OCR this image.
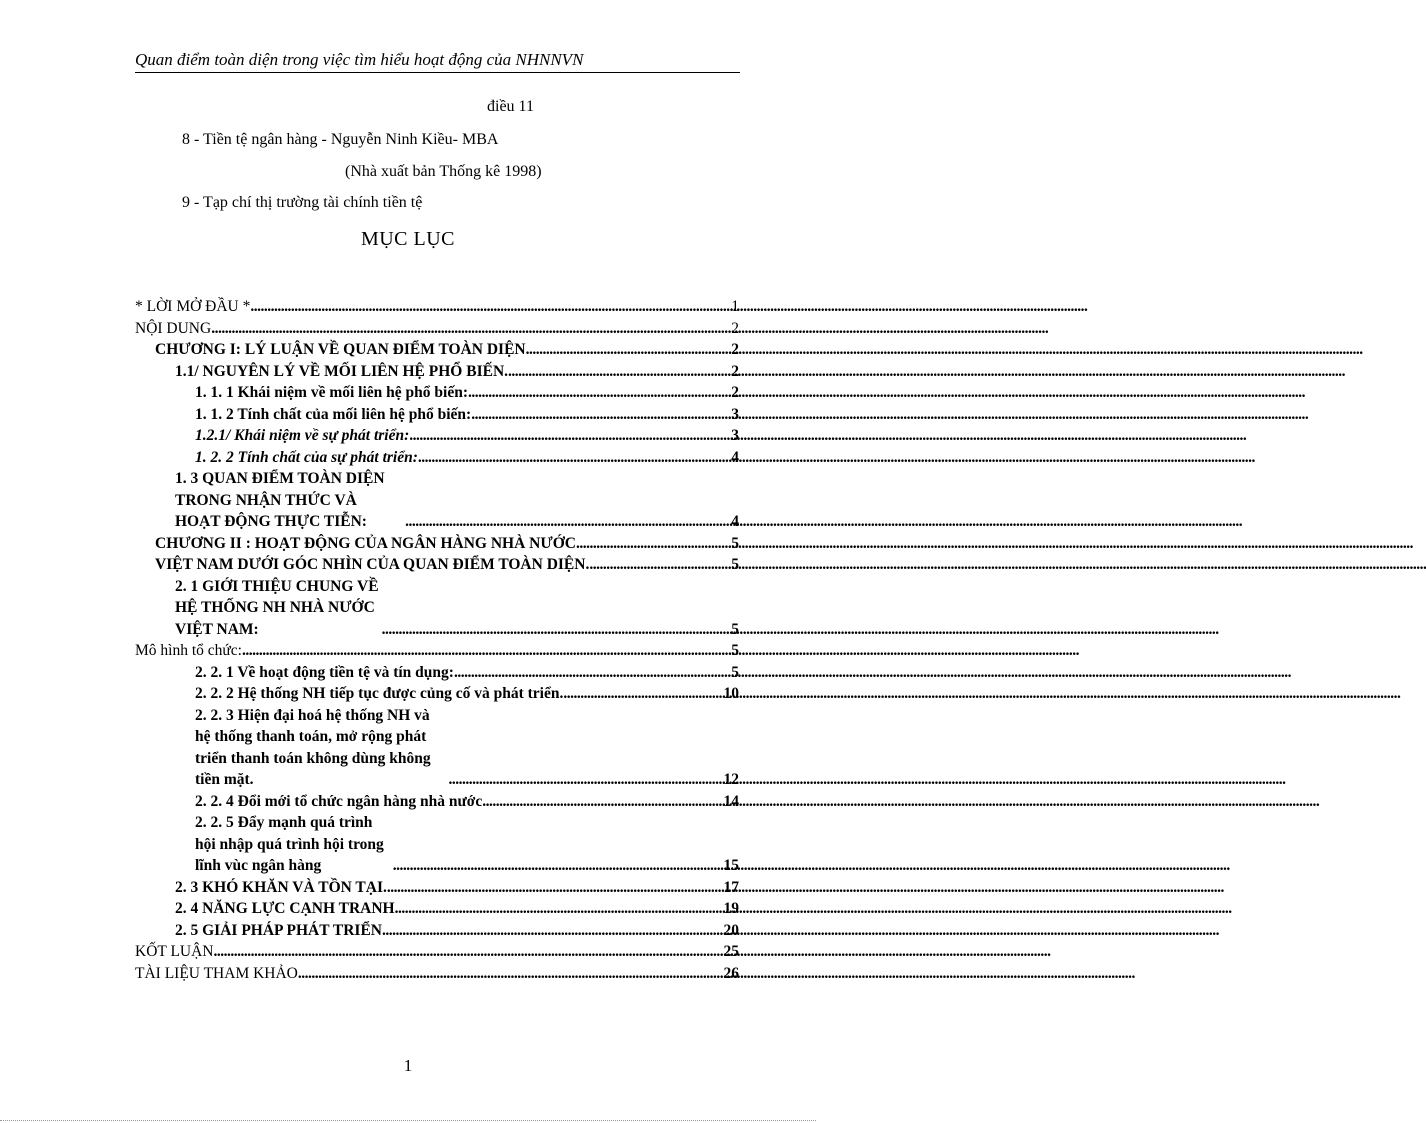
Quan điểm toàn diện trong việc tìm hiểu hoạt động của NHNNVN
điều 11
8 - Tiền tệ ngân hàng - Nguyễn Ninh Kiều- MBA
(Nhà xuất bản Thống kê 1998)
9 - Tạp chí thị trường tài chính tiền tệ
MỤC LỤC
* LỜI MỞ ĐẦU * .....	1
NỘI DUNG .....	2
CHƯƠNG I: LÝ LUẬN VỀ QUAN ĐIỂM TOÀN DIỆN .....	2
1.1/ NGUYÊN LÝ VỀ MỐI LIÊN HỆ PHỔ BIẾN. .....	2
1. 1. 1 Khái niệm về mối liên hệ phổ biến: .....	2
1. 1. 2 Tính chất của mối liên hệ phổ biến: .....	3
1.2.1/ Khái niệm về sự phát triển: .....	3
1. 2. 2 Tính chất của sự phát triển: .....	4
1. 3 QUAN ĐIỂM TOÀN DIỆN TRONG NHẬN THỨC VÀ HOẠT ĐỘNG THỰC TIỄN: .....	4
CHƯƠNG II : HOẠT ĐỘNG CỦA NGÂN HÀNG NHÀ NƯỚC .....	5
VIỆT NAM DƯỚI GÓC NHÌN CỦA QUAN ĐIỂM TOÀN DIỆN. .....	5
2. 1 GIỚI THIỆU CHUNG VỀ HỆ THỐNG NH NHÀ NƯỚC VIỆT NAM: .....	5
Mô hình tổ chức: .....	5
2. 2. 1 Về hoạt động tiền tệ và tín dụng: .....	5
2. 2. 2 Hệ thống NH tiếp tục được củng cố và phát triển. .....	10
2. 2. 3 Hiện đại hoá hệ thống NH và hệ thống thanh toán, mở rộng phát triển thanh toán không dùng không tiền mặt. .....	12
2. 2. 4 Đổi mới tổ chức ngân hàng nhà nước .....	14
2. 2. 5 Đẩy mạnh quá trình hội nhập quá trình hội trong lĩnh vùc ngân hàng .....	15
2. 3 KHÓ KHĂN VÀ TỒN TẠI. .....	17
2. 4 NĂNG LỰC CẠNH TRANH .....	19
2. 5 GIẢI PHÁP PHÁT TRIỂN .....	20
KỐT LUẬN .....	25
TÀI LIỆU THAM KHẢO .....	26
1
